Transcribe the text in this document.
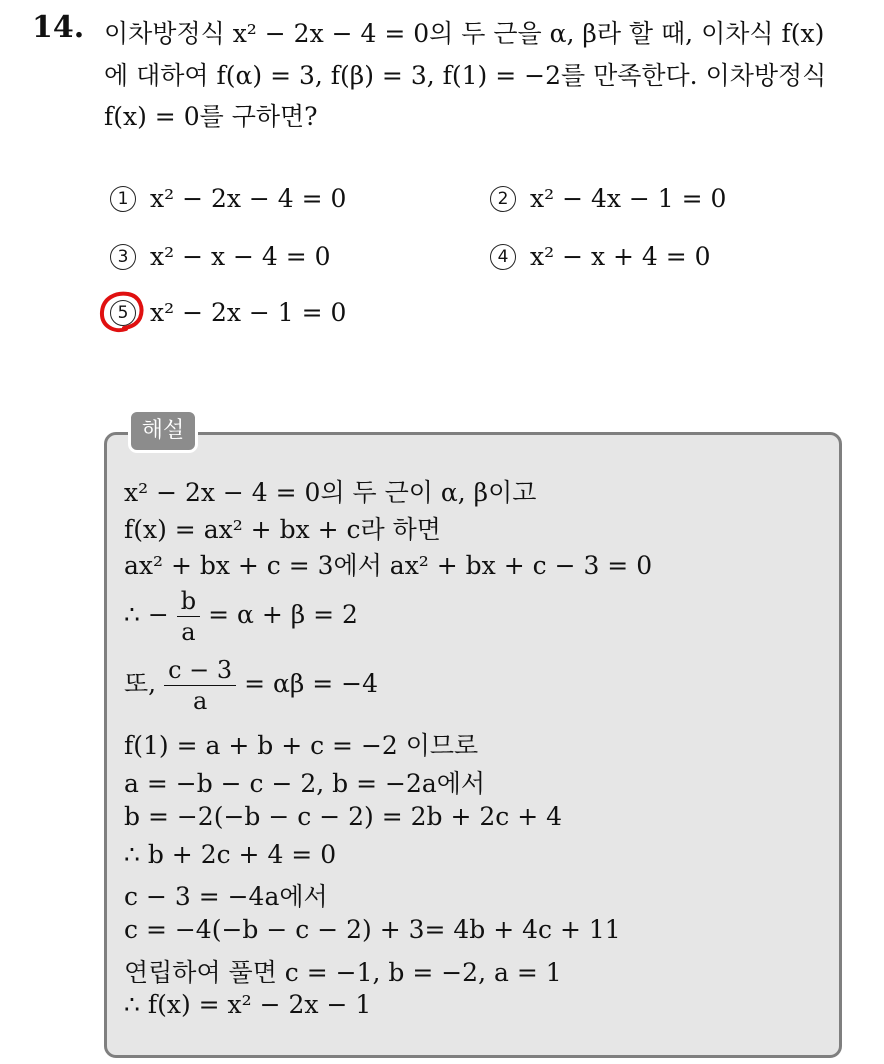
14. 이차방정식 x² − 2x − 4 = 0의 두 근을 α, β라 할 때, 이차식 f(x)
에 대하여 f(α) = 3, f(β) = 3, f(1) = −2를 만족한다. 이차방정식
f(x) = 0를 구하면?
1 x² − 2x − 4 = 0	2 x² − 4x − 1 = 0
3 x² − x − 4 = 0	4 x² − x + 4 = 0
5 x² − 2x − 1 = 0
해설
x² − 2x − 4 = 0의 두 근이 α, β이고
f(x) = ax² + bx + c라 하면
ax² + bx + c = 3에서 ax² + bx + c − 3 = 0
∴ − $\frac{b}{a} = \alpha + \beta = 2$
또, $\frac{c - 3}{a} = \alpha\beta = -4$
f(1) = a + b + c = −2 이므로
a = −b − c − 2, b = −2a에서
b = −2(−b − c − 2) = 2b + 2c + 4
∴ b + 2c + 4 = 0
c − 3 = −4a에서
c = −4(−b − c − 2) + 3= 4b + 4c + 11
연립하여 풀면 c = −1, b = −2, a = 1
∴ f(x) = x² − 2x − 1
